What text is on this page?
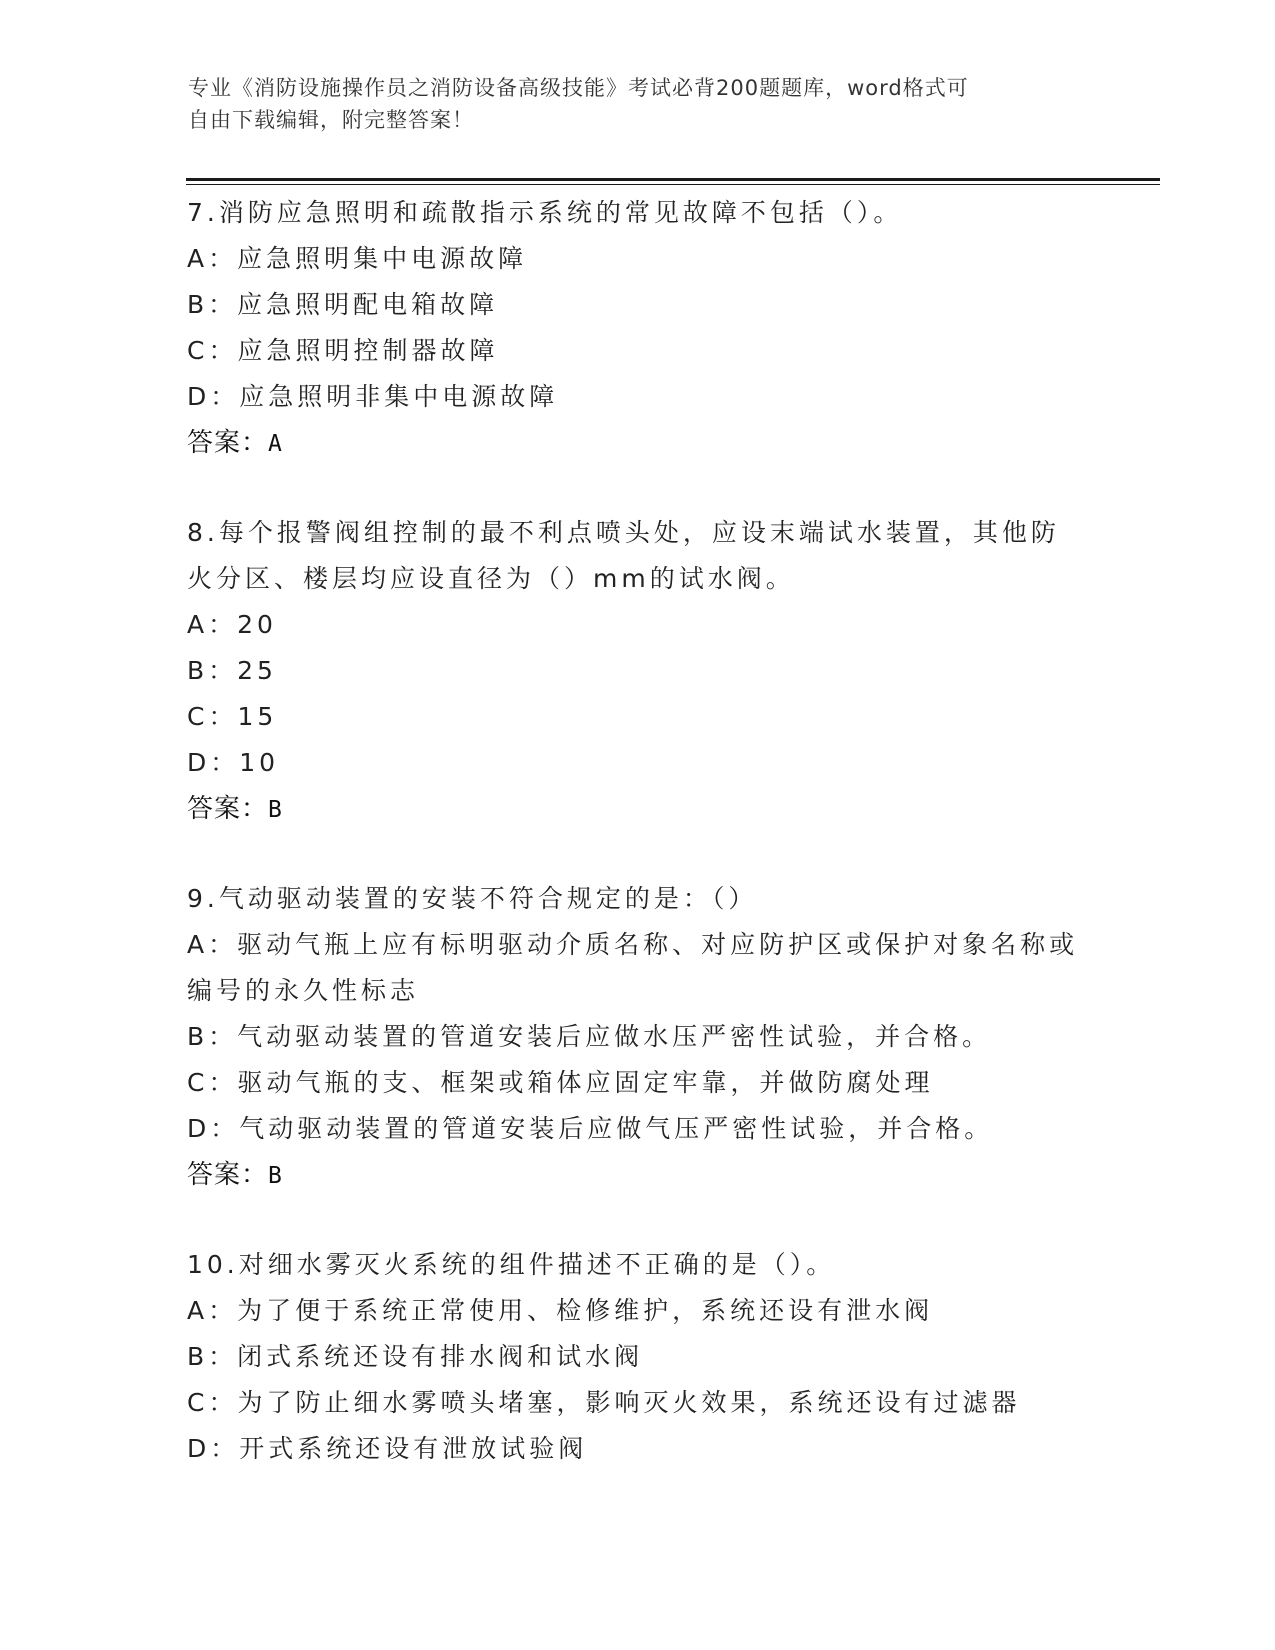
专业《消防设施操作员之消防设备高级技能》考试必背200题题库，word格式可
自由下载编辑，附完整答案！
7.消防应急照明和疏散指示系统的常见故障不包括（）。
A：应急照明集中电源故障
B：应急照明配电箱故障
C：应急照明控制器故障
D：应急照明非集中电源故障
答案：A
8.每个报警阀组控制的最不利点喷头处，应设末端试水装置，其他防
火分区、楼层均应设直径为（）mm的试水阀。
A：20
B：25
C：15
D：10
答案：B
9.气动驱动装置的安装不符合规定的是：（）
A：驱动气瓶上应有标明驱动介质名称、对应防护区或保护对象名称或
编号的永久性标志
B：气动驱动装置的管道安装后应做水压严密性试验，并合格。
C：驱动气瓶的支、框架或箱体应固定牢靠，并做防腐处理
D：气动驱动装置的管道安装后应做气压严密性试验，并合格。
答案：B
10.对细水雾灭火系统的组件描述不正确的是（）。
A：为了便于系统正常使用、检修维护，系统还设有泄水阀
B：闭式系统还设有排水阀和试水阀
C：为了防止细水雾喷头堵塞，影响灭火效果，系统还设有过滤器
D：开式系统还设有泄放试验阀
